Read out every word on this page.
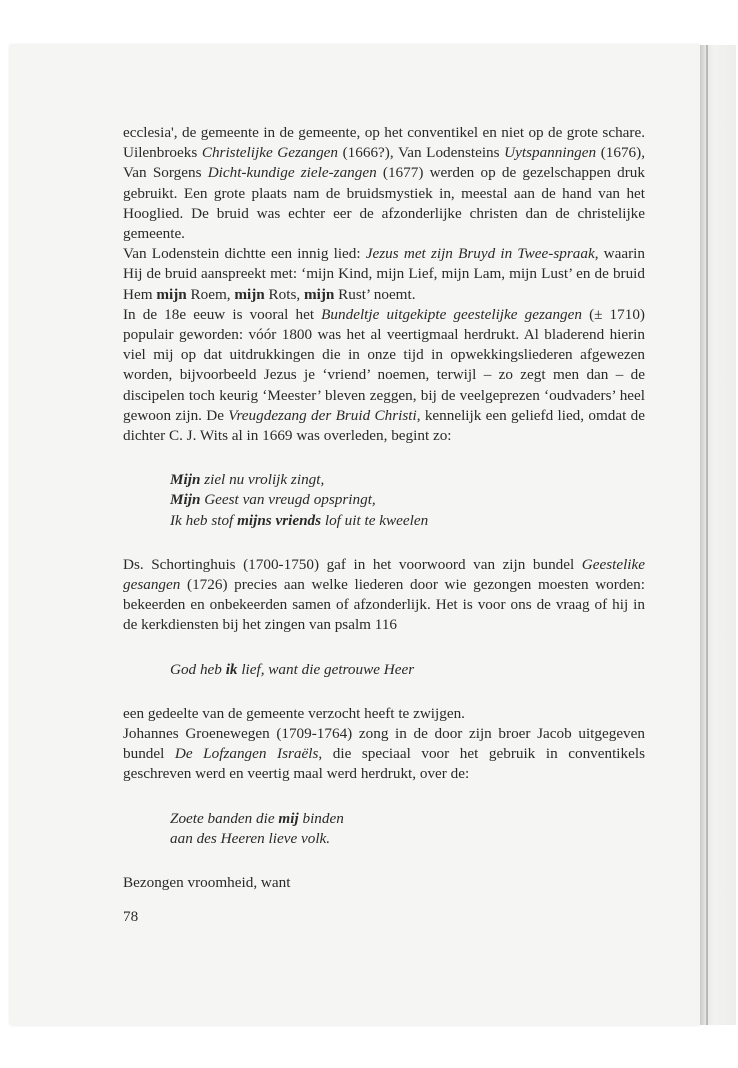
ecclesia', de gemeente in de gemeente, op het conventikel en niet op de grote schare. Uilenbroeks Christelijke Gezangen (1666?), Van Lodensteins Uytspanningen (1676), Van Sorgens Dicht-kundige ziele-zangen (1677) werden op de gezelschappen druk gebruikt. Een grote plaats nam de bruidsmystiek in, meestal aan de hand van het Hooglied. De bruid was echter eer de afzonderlijke christen dan de christelijke gemeente.

Van Lodenstein dichtte een innig lied: Jezus met zijn Bruyd in Twee-spraak, waarin Hij de bruid aanspreekt met: ‘mijn Kind, mijn Lief, mijn Lam, mijn Lust’ en de bruid Hem mijn Roem, mijn Rots, mijn Rust’ noemt.

In de 18e eeuw is vooral het Bundeltje uitgekipte geestelijke gezangen (± 1710) populair geworden: vóór 1800 was het al veertigmaal herdrukt. Al bladerend hierin viel mij op dat uitdrukkingen die in onze tijd in opwekkingsliederen afgewezen worden, bijvoorbeeld Jezus je ‘vriend’ noemen, terwijl – zo zegt men dan – de discipelen toch keurig ‘Meester’ bleven zeggen, bij de veelgeprezen ‘oudvaders’ heel gewoon zijn. De Vreugdezang der Bruid Christi, kennelijk een geliefd lied, omdat de dichter C. J. Wits al in 1669 was overleden, begint zo:

Mijn ziel nu vrolijk zingt,
Mijn Geest van vreugd opspringt,
Ik heb stof mijns vriends lof uit te kweelen

Ds. Schortinghuis (1700-1750) gaf in het voorwoord van zijn bundel Geestelike gesangen (1726) precies aan welke liederen door wie gezongen moesten worden: bekeerden en onbekeerden samen of afzonderlijk. Het is voor ons de vraag of hij in de kerkdiensten bij het zingen van psalm 116

God heb ik lief, want die getrouwe Heer

een gedeelte van de gemeente verzocht heeft te zwijgen.

Johannes Groenewegen (1709-1764) zong in de door zijn broer Jacob uitgegeven bundel De Lofzangen Israëls, die speciaal voor het gebruik in conventikels geschreven werd en veertig maal werd herdrukt, over de:

Zoete banden die mij binden
aan des Heeren lieve volk.

Bezongen vroomheid, want

78
